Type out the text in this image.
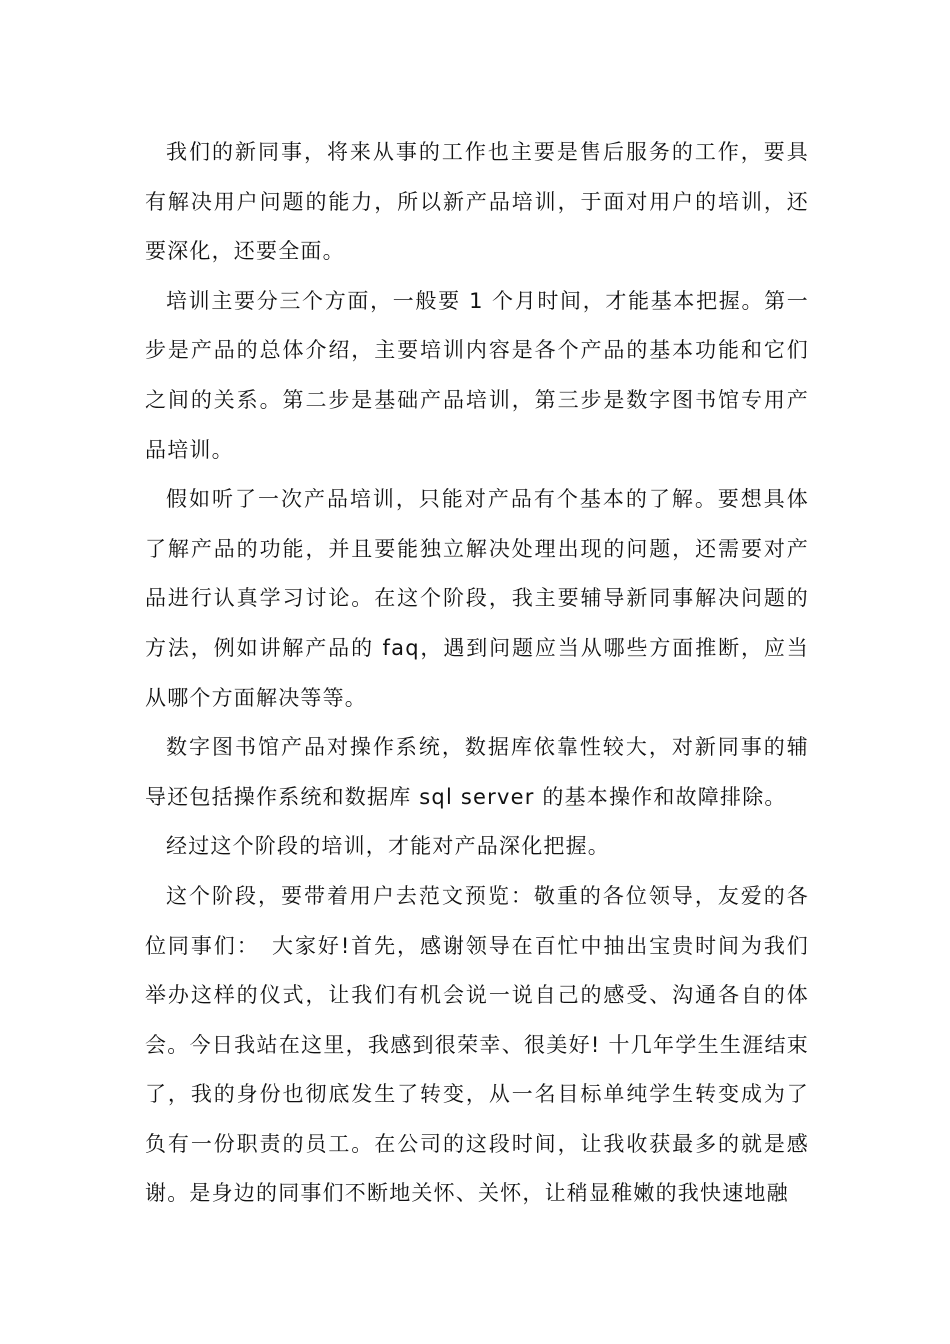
我们的新同事，将来从事的工作也主要是售后服务的工作，要具有解决用户问题的能力，所以新产品培训，于面对用户的培训，还要深化，还要全面。

培训主要分三个方面，一般要 1 个月时间，才能基本把握。第一步是产品的总体介绍，主要培训内容是各个产品的基本功能和它们之间的关系。第二步是基础产品培训，第三步是数字图书馆专用产品培训。

假如听了一次产品培训，只能对产品有个基本的了解。要想具体了解产品的功能，并且要能独立解决处理出现的问题，还需要对产品进行认真学习讨论。在这个阶段，我主要辅导新同事解决问题的方法，例如讲解产品的 faq，遇到问题应当从哪些方面推断，应当从哪个方面解决等等。

数字图书馆产品对操作系统，数据库依靠性较大，对新同事的辅导还包括操作系统和数据库 sql server 的基本操作和故障排除。

经过这个阶段的培训，才能对产品深化把握。

这个阶段，要带着用户去范文预览：敬重的各位领导，友爱的各位同事们：　大家好!首先，感谢领导在百忙中抽出宝贵时间为我们举办这样的仪式，让我们有机会说一说自己的感受、沟通各自的体会。今日我站在这里，我感到很荣幸、很美好! 十几年学生生涯结束了，我的身份也彻底发生了转变，从一名目标单纯学生转变成为了负有一份职责的员工。在公司的这段时间，让我收获最多的就是感谢。是身边的同事们不断地关怀、关怀，让稍显稚嫩的我快速地融
